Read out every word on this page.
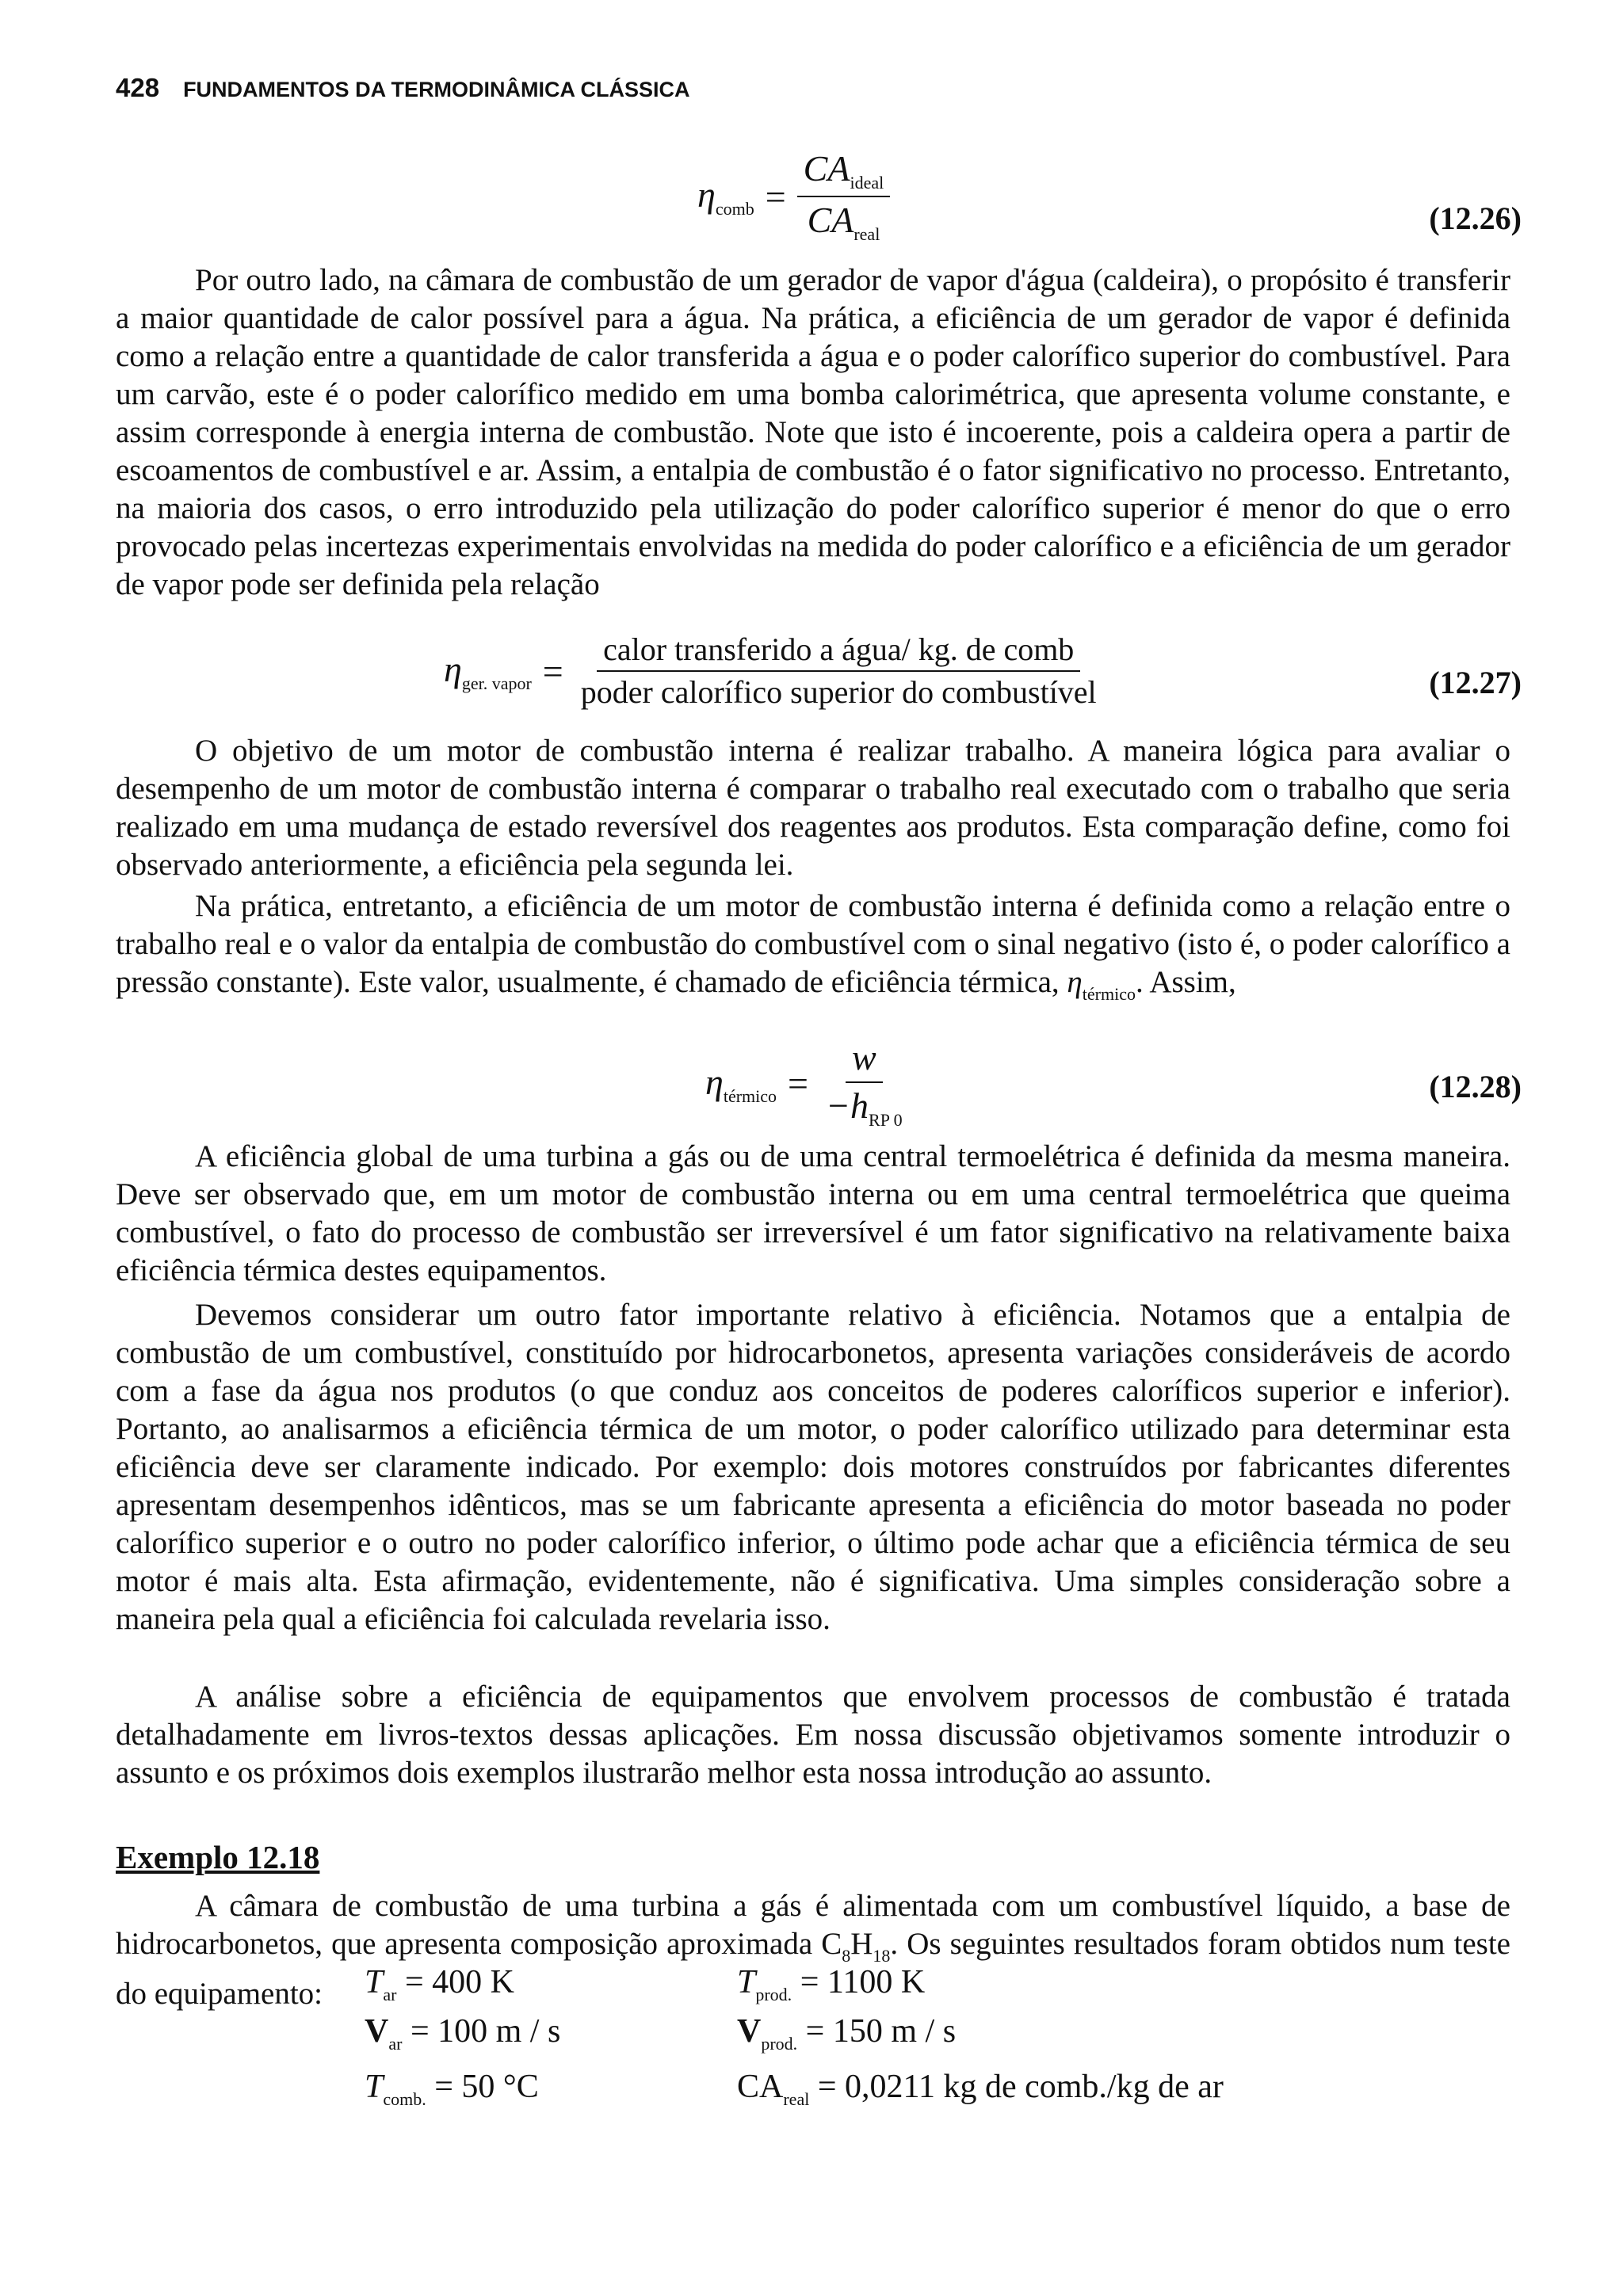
428 FUNDAMENTOS DA TERMODINÂMICA CLÁSSICA
$\eta_{comb} = \frac{CA_{ideal}}{CA_{real}}$	(12.26)
Por outro lado, na câmara de combustão de um gerador de vapor d'água (caldeira), o propósito é transferir a maior quantidade de calor possível para a água. Na prática, a eficiência de um gerador de vapor é definida como a relação entre a quantidade de calor transferida a água e o poder calorífico superior do combustível. Para um carvão, este é o poder calorífico medido em uma bomba calorimétrica, que apresenta volume constante, e assim corresponde à energia interna de combustão. Note que isto é incoerente, pois a caldeira opera a partir de escoamentos de combustível e ar. Assim, a entalpia de combustão é o fator significativo no processo. Entretanto, na maioria dos casos, o erro introduzido pela utilização do poder calorífico superior é menor do que o erro provocado pelas incertezas experimentais envolvidas na medida do poder calorífico e a eficiência de um gerador de vapor pode ser definida pela relação
$\eta_{ger. vapor} = \frac{\text{calor transferido a água/ kg. de comb}}{\text{poder calorífico superior do combustível}}$	(12.27)
O objetivo de um motor de combustão interna é realizar trabalho. A maneira lógica para avaliar o desempenho de um motor de combustão interna é comparar o trabalho real executado com o trabalho que seria realizado em uma mudança de estado reversível dos reagentes aos produtos. Esta comparação define, como foi observado anteriormente, a eficiência pela segunda lei.
Na prática, entretanto, a eficiência de um motor de combustão interna é definida como a relação entre o trabalho real e o valor da entalpia de combustão do combustível com o sinal negativo (isto é, o poder calorífico a pressão constante). Este valor, usualmente, é chamado de eficiência térmica, $\eta_{térmico}$. Assim,
$\eta_{térmico} = \frac{w}{-h_{RP 0}}$	(12.28)
A eficiência global de uma turbina a gás ou de uma central termoelétrica é definida da mesma maneira. Deve ser observado que, em um motor de combustão interna ou em uma central termoelétrica que queima combustível, o fato do processo de combustão ser irreversível é um fator significativo na relativamente baixa eficiência térmica destes equipamentos.
Devemos considerar um outro fator importante relativo à eficiência. Notamos que a entalpia de combustão de um combustível, constituído por hidrocarbonetos, apresenta variações consideráveis de acordo com a fase da água nos produtos (o que conduz aos conceitos de poderes caloríficos superior e inferior). Portanto, ao analisarmos a eficiência térmica de um motor, o poder calorífico utilizado para determinar esta eficiência deve ser claramente indicado. Por exemplo: dois motores construídos por fabricantes diferentes apresentam desempenhos idênticos, mas se um fabricante apresenta a eficiência do motor baseada no poder calorífico superior e o outro no poder calorífico inferior, o último pode achar que a eficiência térmica de seu motor é mais alta. Esta afirmação, evidentemente, não é significativa. Uma simples consideração sobre a maneira pela qual a eficiência foi calculada revelaria isso.
A análise sobre a eficiência de equipamentos que envolvem processos de combustão é tratada detalhadamente em livros-textos dessas aplicações. Em nossa discussão objetivamos somente introduzir o assunto e os próximos dois exemplos ilustrarão melhor esta nossa introdução ao assunto.
Exemplo 12.18
A câmara de combustão de uma turbina a gás é alimentada com um combustível líquido, a base de hidrocarbonetos, que apresenta composição aproximada $C_8H_{18}$. Os seguintes resultados foram obtidos num teste do equipamento:	$T_{ar} = 400$ K	$T_{prod.} = 1100$ K
$V_{ar} = 100$ m / s	$V_{prod.} = 150$ m / s
$T_{comb.} = 50$ °C	$CA_{real} = 0,0211$ kg de comb./kg de ar
